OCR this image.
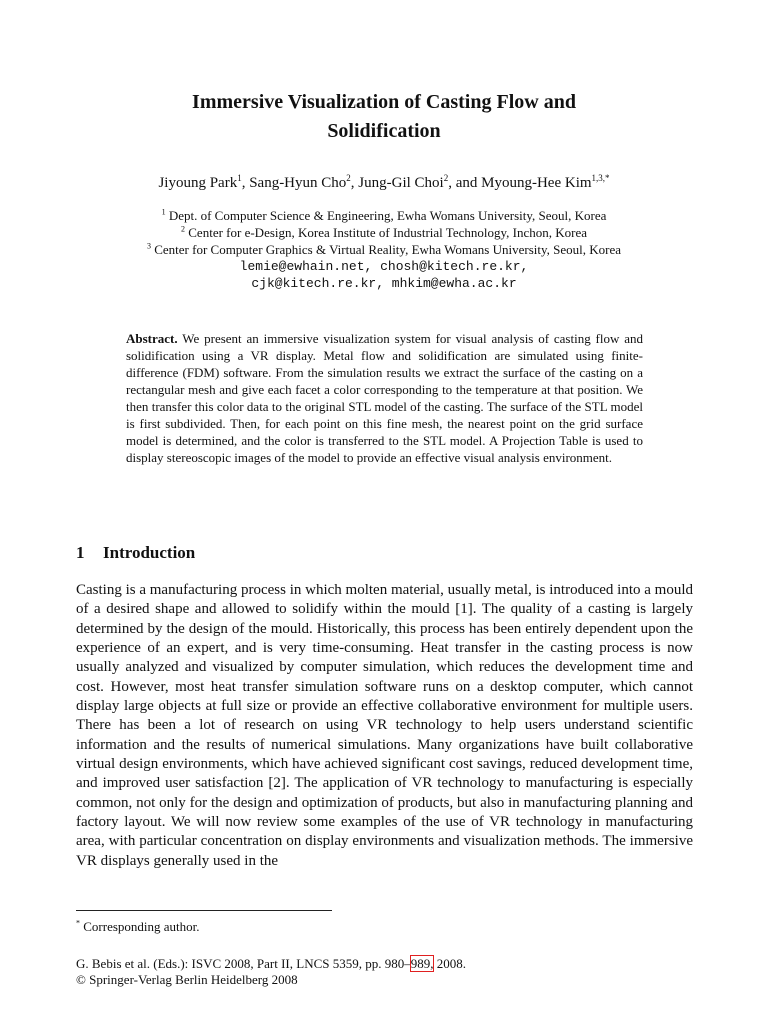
Immersive Visualization of Casting Flow and
Solidification
Jiyoung Park$^1$, Sang-Hyun Cho$^2$, Jung-Gil Choi$^2$, and Myoung-Hee Kim$^{1,3,*}$
$^1$ Dept. of Computer Science & Engineering, Ewha Womans University, Seoul, Korea
$^2$ Center for e-Design, Korea Institute of Industrial Technology, Inchon, Korea
$^3$ Center for Computer Graphics & Virtual Reality, Ewha Womans University, Seoul, Korea
lemie@ewhain.net, chosh@kitech.re.kr,
cjk@kitech.re.kr, mhkim@ewha.ac.kr
Abstract. We present an immersive visualization system for visual analysis of casting flow and solidification using a VR display. Metal flow and solidification are simulated using finite-difference (FDM) software. From the simulation results we extract the surface of the casting on a rectangular mesh and give each facet a color corresponding to the temperature at that position. We then transfer this color data to the original STL model of the casting. The surface of the STL model is first subdivided. Then, for each point on this fine mesh, the nearest point on the grid surface model is determined, and the color is transferred to the STL model. A Projection Table is used to display stereoscopic images of the model to provide an effective visual analysis environment.
1 Introduction
Casting is a manufacturing process in which molten material, usually metal, is introduced into a mould of a desired shape and allowed to solidify within the mould [1]. The quality of a casting is largely determined by the design of the mould. Historically, this process has been entirely dependent upon the experience of an expert, and is very time-consuming. Heat transfer in the casting process is now usually analyzed and visualized by computer simulation, which reduces the development time and cost. However, most heat transfer simulation software runs on a desktop computer, which cannot display large objects at full size or provide an effective collaborative environment for multiple users. There has been a lot of research on using VR technology to help users understand scientific information and the results of numerical simulations. Many organizations have built collaborative virtual design environments, which have achieved significant cost savings, reduced development time, and improved user satisfaction [2]. The application of VR technology to manufacturing is especially common, not only for the design and optimization of products, but also in manufacturing planning and factory layout. We will now review some examples of the use of VR technology in manufacturing area, with particular concentration on display environments and visualization methods. The immersive VR displays generally used in the
* Corresponding author.
G. Bebis et al. (Eds.): ISVC 2008, Part II, LNCS 5359, pp. 980–989, 2008.
© Springer-Verlag Berlin Heidelberg 2008
